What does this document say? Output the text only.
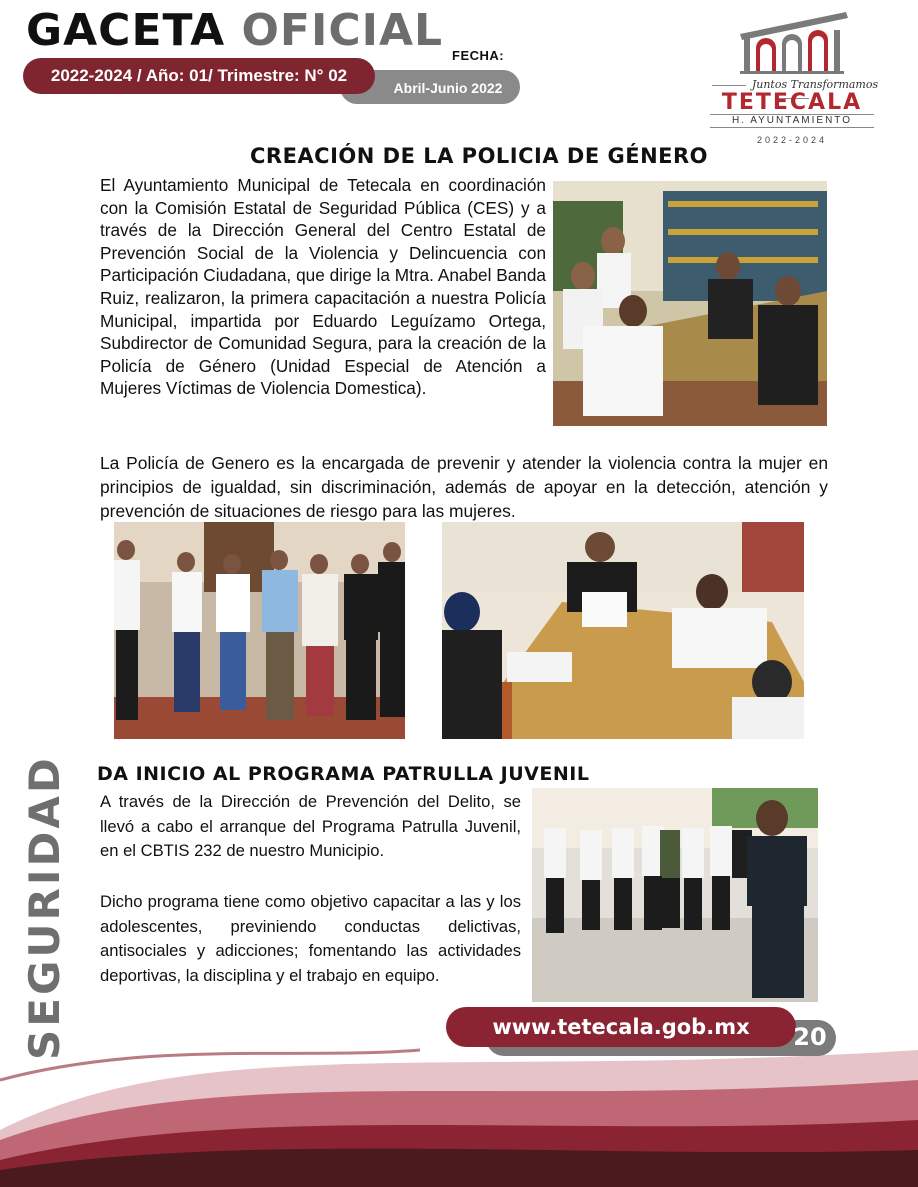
GACETA OFICIAL FECHA:
Abril-Junio 2022
2022-2024 / Año: 01/ Trimestre: N° 02	Juntos Transformamos
TETECALA
H. AYUNTAMIENTO
2022-2024
CREACIÓN DE LA POLICIA DE GÉNERO

El Ayuntamiento Municipal de Tetecala en coordinación con la Comisión Estatal de Seguridad Pública (CES) y a través de la Dirección General del Centro Estatal de Prevención Social de la Violencia y Delincuencia con Participación Ciudadana, que dirige la Mtra. Anabel Banda Ruiz, realizaron, la primera capacitación a nuestra Policía Municipal, impartida por Eduardo Leguízamo Ortega, Subdirector de Comunidad Segura, para la creación de la Policía de Género (Unidad Especial de Atención a Mujeres Víctimas de Violencia Domestica).

La Policía de Genero es la encargada de prevenir y atender la violencia contra la mujer en principios de igualdad, sin discriminación, además de apoyar en la detección, atención y prevención de situaciones de riesgo para las mujeres.

DA INICIO AL PROGRAMA PATRULLA JUVENIL

A través de la Dirección de Prevención del Delito, se llevó a cabo el arranque del Programa Patrulla Juvenil, en el CBTIS 232 de nuestro Municipio.

Dicho programa tiene como objetivo capacitar a las y los adolescentes, previniendo conductas delictivas, antisociales y adicciones; fomentando las actividades deportivas, la disciplina y el trabajo en equipo.

SEGURIDAD	www.tetecala.gob.mx	20
